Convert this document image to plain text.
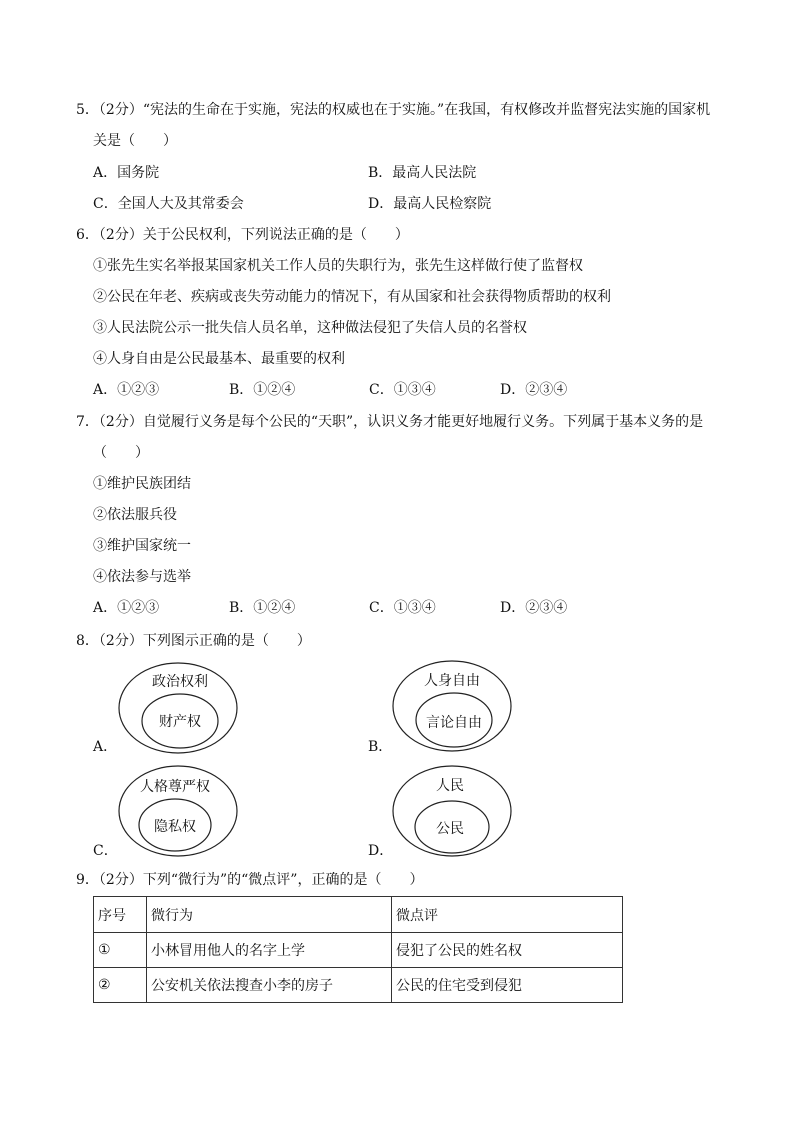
5．（2分）“宪法的生命在于实施，宪法的权威也在于实施。”在我国，有权修改并监督宪法实施的国家机
关是（　　）
A．国务院	B．最高人民法院
C．全国人大及其常委会	D．最高人民检察院
6．（2分）关于公民权利，下列说法正确的是（　　）
①张先生实名举报某国家机关工作人员的失职行为，张先生这样做行使了监督权
②公民在年老、疾病或丧失劳动能力的情况下，有从国家和社会获得物质帮助的权利
③人民法院公示一批失信人员名单，这种做法侵犯了失信人员的名誉权
④人身自由是公民最基本、最重要的权利
A．①②③	B．①②④	C．①③④	D．②③④
7．（2分）自觉履行义务是每个公民的“天职”，认识义务才能更好地履行义务。下列属于基本义务的是
（　　）
①维护民族团结
②依法服兵役
③维护国家统一
④依法参与选举
A．①②③	B．①②④	C．①③④	D．②③④
8．（2分）下列图示正确的是（　　）
A．
政治权利
财产权
B．
人身自由
言论自由
C．
人格尊严权
隐私权
D．
人民
公民
9．（2分）下列“微行为”的“微点评”，正确的是（　　）
序号	微行为	微点评
①	小林冒用他人的名字上学	侵犯了公民的姓名权
②	公安机关依法搜查小李的房子	公民的住宅受到侵犯
